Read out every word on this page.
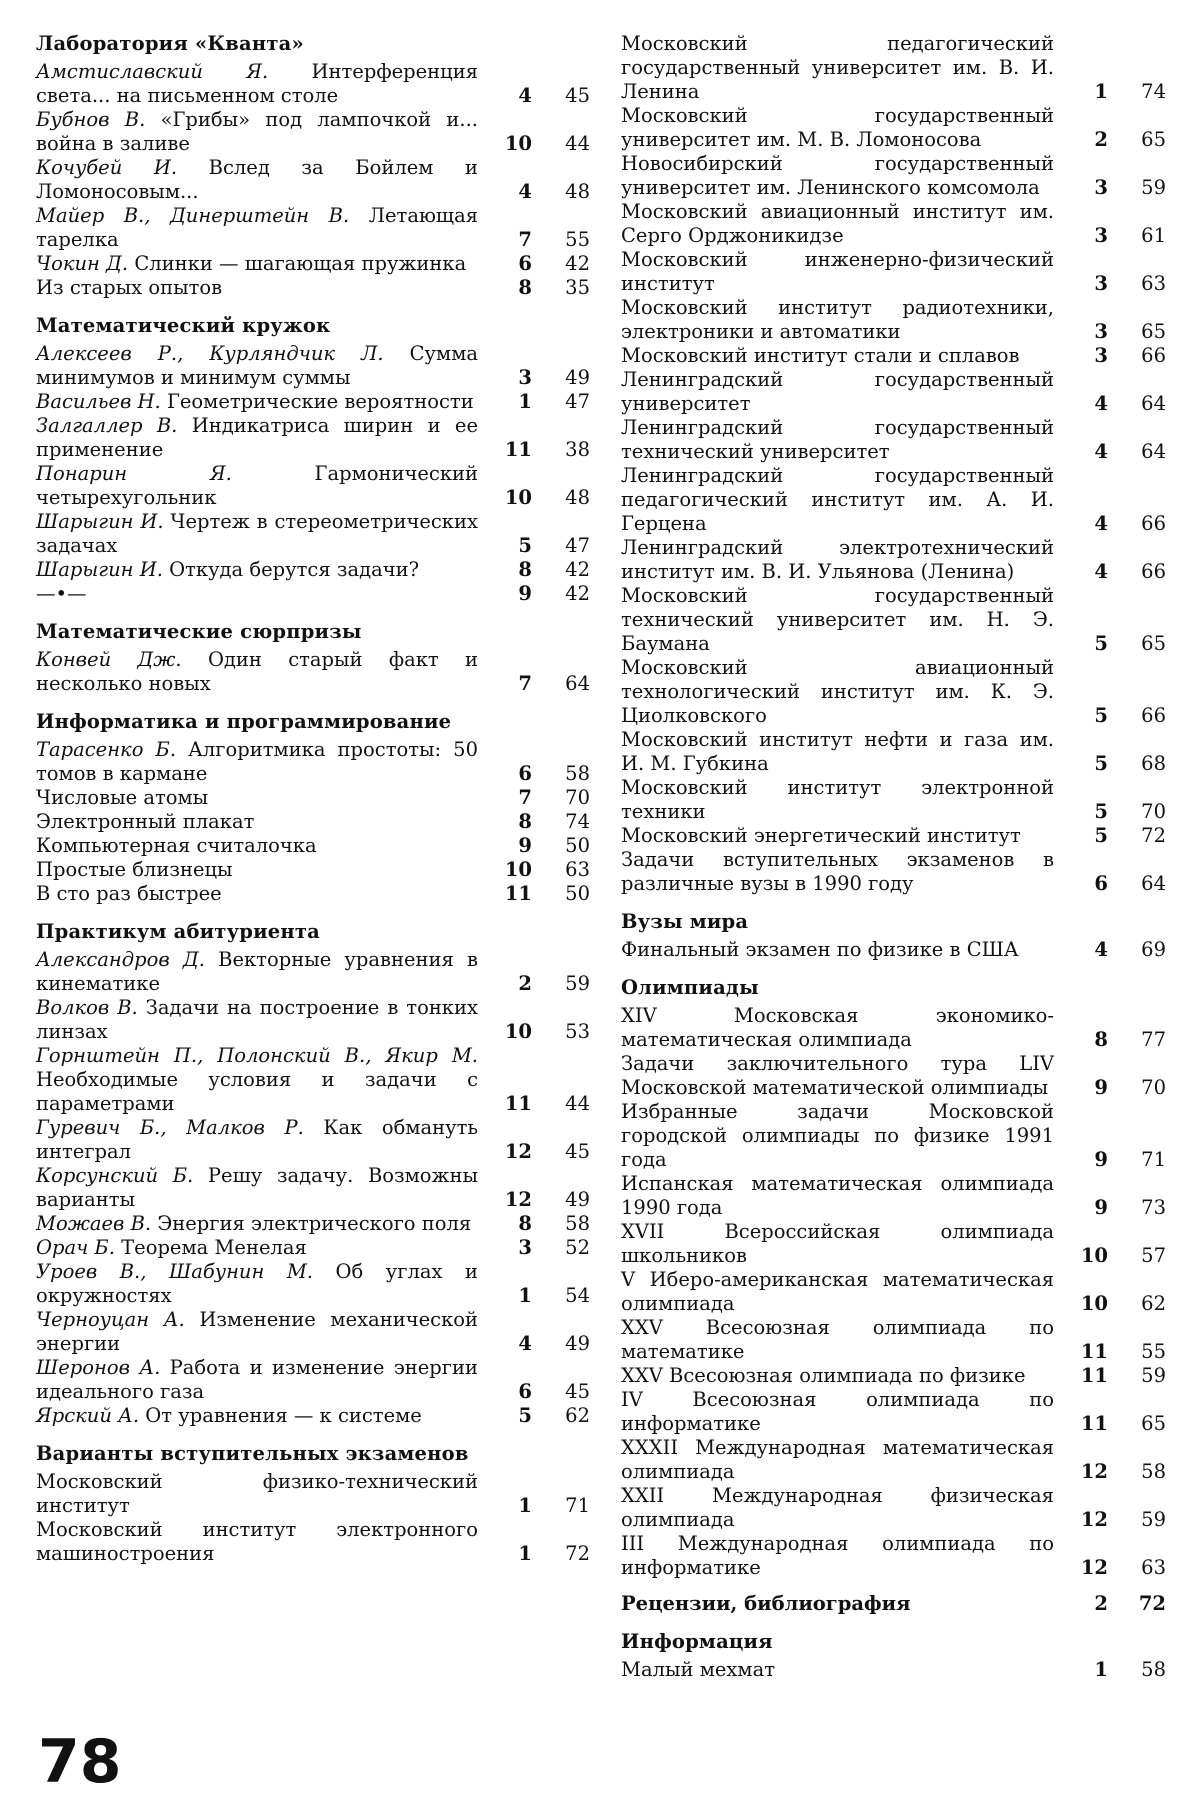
Лаборатория «Кванта»
Амстиславский Я. Интерференция света... на письменном столе	4	45
Бубнов В. «Грибы» под лампочкой и... война в заливе	10	44
Кочубей И. Вслед за Бойлем и Ломоносовым...	4	48
Майер В., Динерштейн В. Летающая тарелка	7	55
Чокин Д. Слинки — шагающая пружинка	6	42
Из старых опытов	8	35
Математический кружок
Алексеев Р., Курляндчик Л. Сумма минимумов и минимум суммы	3	49
Васильев Н. Геометрические вероятности	1	47
Залгаллер В. Индикатриса ширин и ее применение	11	38
Понарин Я.	Гармонический четырехугольник	10	48
Шарыгин И. Чертеж в стереометрических задачах	5	47
Шарыгин И. Откуда берутся задачи?	8	42
—•—	9	42
Математические сюрпризы
Конвей Дж. Один старый факт и несколько новых	7	64
Информатика и программирование
Тарасенко Б. Алгоритмика простоты: 50 томов в кармане	6	58
Числовые атомы	7	70
Электронный плакат	8	74
Компьютерная считалочка	9	50
Простые близнецы	10	63
В сто раз быстрее	11	50
Практикум абитуриента
Александров Д. Векторные уравнения в кинематике	2	59
Волков В. Задачи на построение в тонких линзах	10	53
Горнштейн П., Полонский В., Якир М. Необходимые условия и задачи с параметрами	11	44
Гуревич Б., Малков Р. Как обмануть интеграл	12	45
Корсунский Б. Решу задачу. Возможны варианты	12	49
Можаев В. Энергия электрического поля	8	58
Орач Б. Теорема Менелая	3	52
Уроев В., Шабунин М. Об углах и окружностях	1	54
Черноуцан А. Изменение механической энергии	4	49
Шеронов А. Работа и изменение энергии идеального газа	6	45
Ярский А. От уравнения — к системе	5	62
Варианты вступительных экзаменов
Московский физико-технический институт	1	71
Московский институт электронного машиностроения	1	72
Московский педагогический государственный университет им. В. И. Ленина	1	74
Московский государственный университет им. М. В. Ломоносова	2	65
Новосибирский государственный университет им. Ленинского комсомола	3	59
Московский авиационный институт им. Серго Орджоникидзе	3	61
Московский инженерно-физический институт	3	63
Московский институт радиотехники, электроники и автоматики	3	65
Московский институт стали и сплавов	3	66
Ленинградский государственный университет	4	64
Ленинградский государственный технический университет	4	64
Ленинградский государственный педагогический институт им. А. И. Герцена	4	66
Ленинградский электротехнический институт им. В. И. Ульянова (Ленина)	4	66
Московский государственный технический университет им. Н. Э. Баумана	5	65
Московский авиационный технологический институт им. К. Э. Циолковского	5	66
Московский институт нефти и газа им. И. М. Губкина	5	68
Московский институт электронной техники	5	70
Московский энергетический институт	5	72
Задачи вступительных экзаменов в различные вузы в 1990 году	6	64
Вузы мира
Финальный экзамен по физике в США	4	69
Олимпиады
XIV Московская экономико-математическая олимпиада	8	77
Задачи заключительного тура LIV Московской математической олимпиады	9	70
Избранные задачи Московской городской олимпиады по физике 1991 года	9	71
Испанская математическая олимпиада 1990 года	9	73
XVII Всероссийская олимпиада школьников	10	57
V Иберо-американская математическая олимпиада	10	62
XXV Всесоюзная олимпиада по математике	11	55
XXV Всесоюзная олимпиада по физике	11	59
IV Всесоюзная олимпиада по информатике	11	65
XXXII Международная математическая олимпиада	12	58
XXII Международная физическая олимпиада	12	59
III Международная олимпиада по информатике	12	63
Рецензии, библиография	2	72
Информация
Малый мехмат	1	58
78
